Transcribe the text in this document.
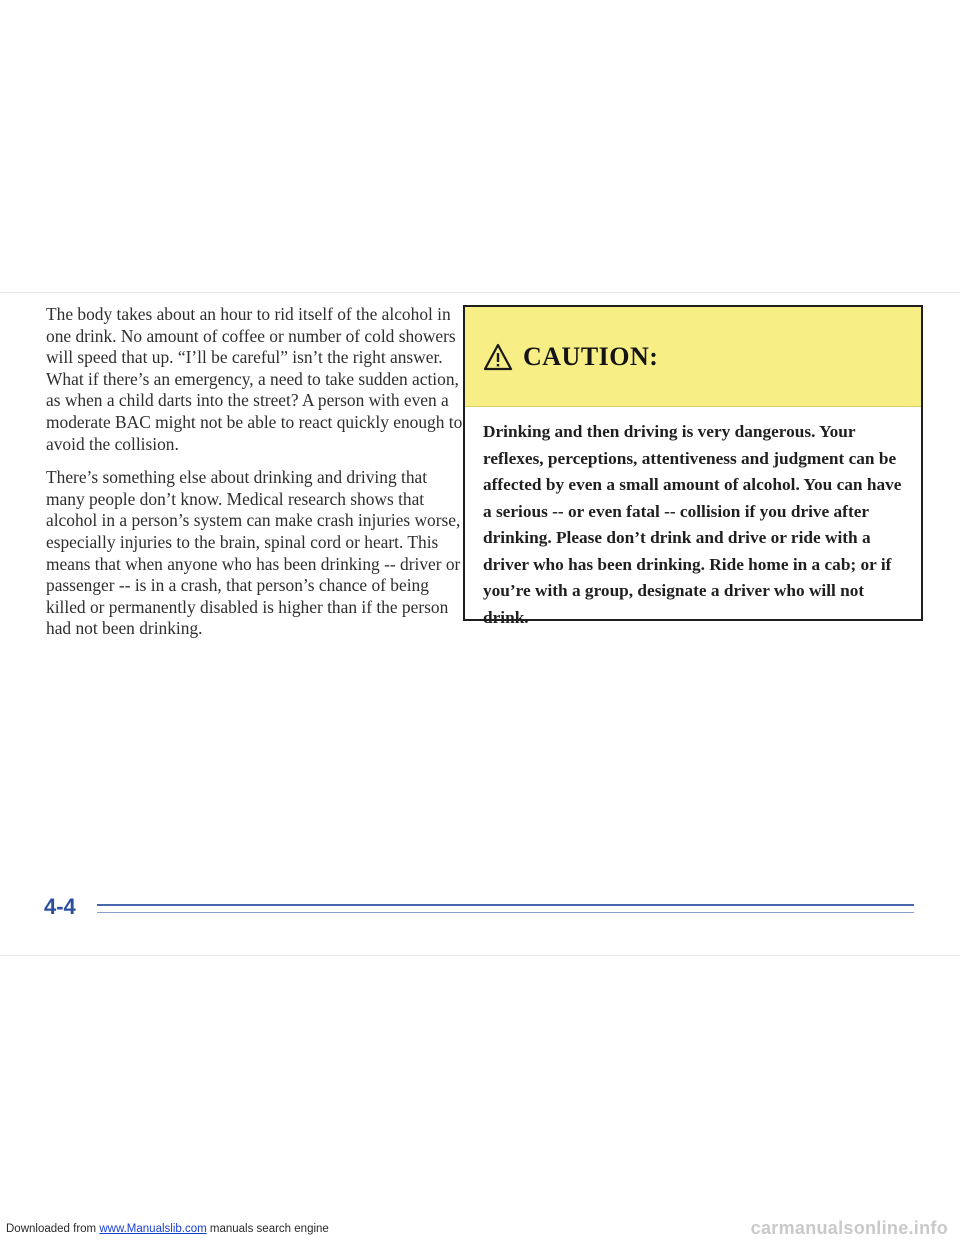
The body takes about an hour to rid itself of the alcohol in one drink. No amount of coffee or number of cold showers will speed that up. “I’ll be careful” isn’t the right answer. What if there’s an emergency, a need to take sudden action, as when a child darts into the street? A person with even a moderate BAC might not be able to react quickly enough to avoid the collision.

There’s something else about drinking and driving that many people don’t know. Medical research shows that alcohol in a person’s system can make crash injuries worse, especially injuries to the brain, spinal cord or heart. This means that when anyone who has been drinking -- driver or passenger -- is in a crash, that person’s chance of being killed or permanently disabled is higher than if the person had not been drinking.

CAUTION:
Drinking and then driving is very dangerous. Your reflexes, perceptions, attentiveness and judgment can be affected by even a small amount of alcohol. You can have a serious -- or even fatal -- collision if you drive after drinking. Please don’t drink and drive or ride with a driver who has been drinking. Ride home in a cab; or if you’re with a group, designate a driver who will not drink.
4-4
Downloaded from www.Manualslib.com manuals search engine	carmanualsonline.info
